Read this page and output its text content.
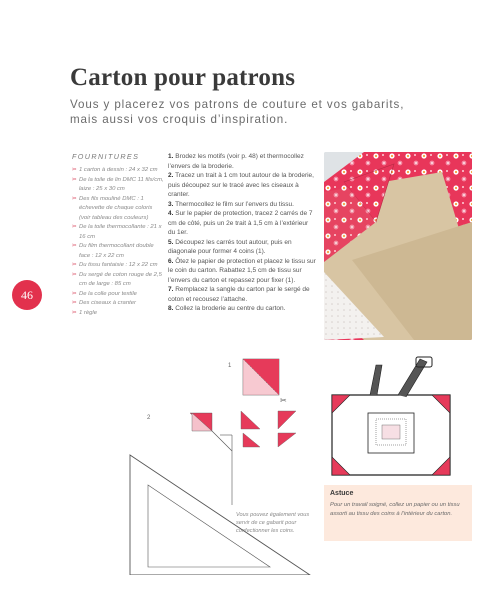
Carton pour patrons

Vous y placerez vos patrons de couture et vos gabarits, mais aussi vos croquis d’inspiration.

FOURNITURES
✂ 1 carton à dessin : 24 x 32 cm
✂ De la toile de lin DMC 11 fils/cm, laize : 25 x 30 cm
✂ Des fils mouliné DMC : 1 échevette de chaque coloris (voir tableau des couleurs)
✂ De la toile thermocollante : 21 x 16 cm
✂ Du film thermocollant double face : 12 x 22 cm
✂ Du tissu fantaisie : 12 x 22 cm
✂ Du sergé de coton rouge de 2,5 cm de large : 85 cm
✂ De la colle pour textile
✂ Des ciseaux à cranter
✂ 1 règle
46

1. Brodez les motifs (voir p. 48) et thermocollez l’envers de la broderie.

2. Tracez un trait à 1 cm tout autour de la broderie, puis découpez sur le tracé avec les ciseaux à cranter.

3. Thermocollez le film sur l’envers du tissu.

4. Sur le papier de protection, tracez 2 carrés de 7 cm de côté, puis un 2e trait à 1,5 cm à l’extérieur du 1er.

5. Découpez les carrés tout autour, puis en diagonale pour former 4 coins (1).

6. Ôtez le papier de protection et placez le tissu sur le coin du carton. Rabattez 1,5 cm de tissu sur l’envers du carton et repassez pour fixer (1).

7. Remplacez la sangle du carton par le sergé de coton et recousez l’attache.

8. Collez la broderie au centre du carton.

1
2
✂

Vous pouvez également vous servir de ce gabarit pour confectionner les coins.

Astuce
Pour un travail soigné, collez un papier ou un tissu assorti au tissu des coins à l’intérieur du carton.
